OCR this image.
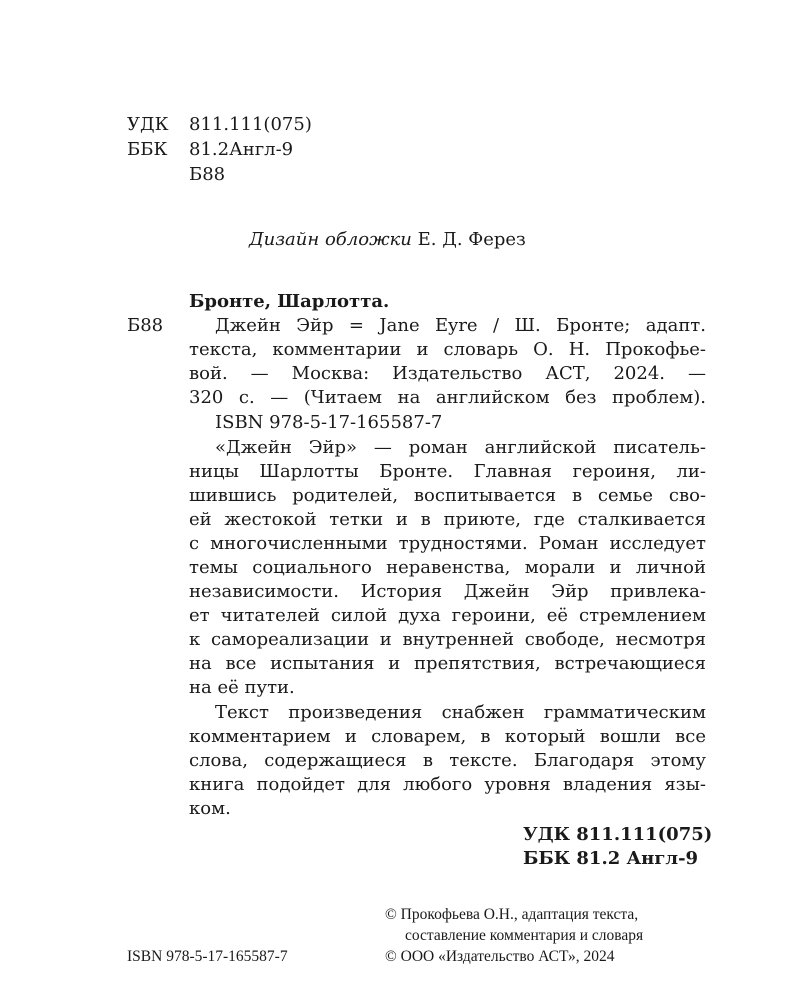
УДК 811.111(075)
ББК 81.2Англ-9
Б88
Дизайн обложки Е. Д. Ферез
Бронте, Шарлотта.
Б88	Джейн Эйр = Jane Eyre / Ш. Бронте; адапт.
текста, комментарии и словарь О. Н. Прокофье-
вой. — Москва: Издательство АСТ, 2024. —
320 с. — (Читаем на английском без проблем).
ISBN 978-5-17-165587-7
«Джейн Эйр» — роман английской писатель-
ницы Шарлотты Бронте. Главная героиня, ли-
шившись родителей, воспитывается в семье сво-
ей жестокой тетки и в приюте, где сталкивается
с многочисленными трудностями. Роман исследует
темы социального неравенства, морали и личной
независимости. История Джейн Эйр привлека-
ет читателей силой духа героини, её стремлением
к самореализации и внутренней свободе, несмотря
на все испытания и препятствия, встречающиеся
на её пути.
Текст произведения снабжен грамматическим
комментарием и словарем, в который вошли все
слова, содержащиеся в тексте. Благодаря этому
книга подойдет для любого уровня владения язы-
ком.
УДК 811.111(075)
ББК 81.2 Англ-9
© Прокофьева О.Н., адаптация текста,
составление комментария и словаря
ISBN 978-5-17-165587-7	© ООО «Издательство АСТ», 2024
